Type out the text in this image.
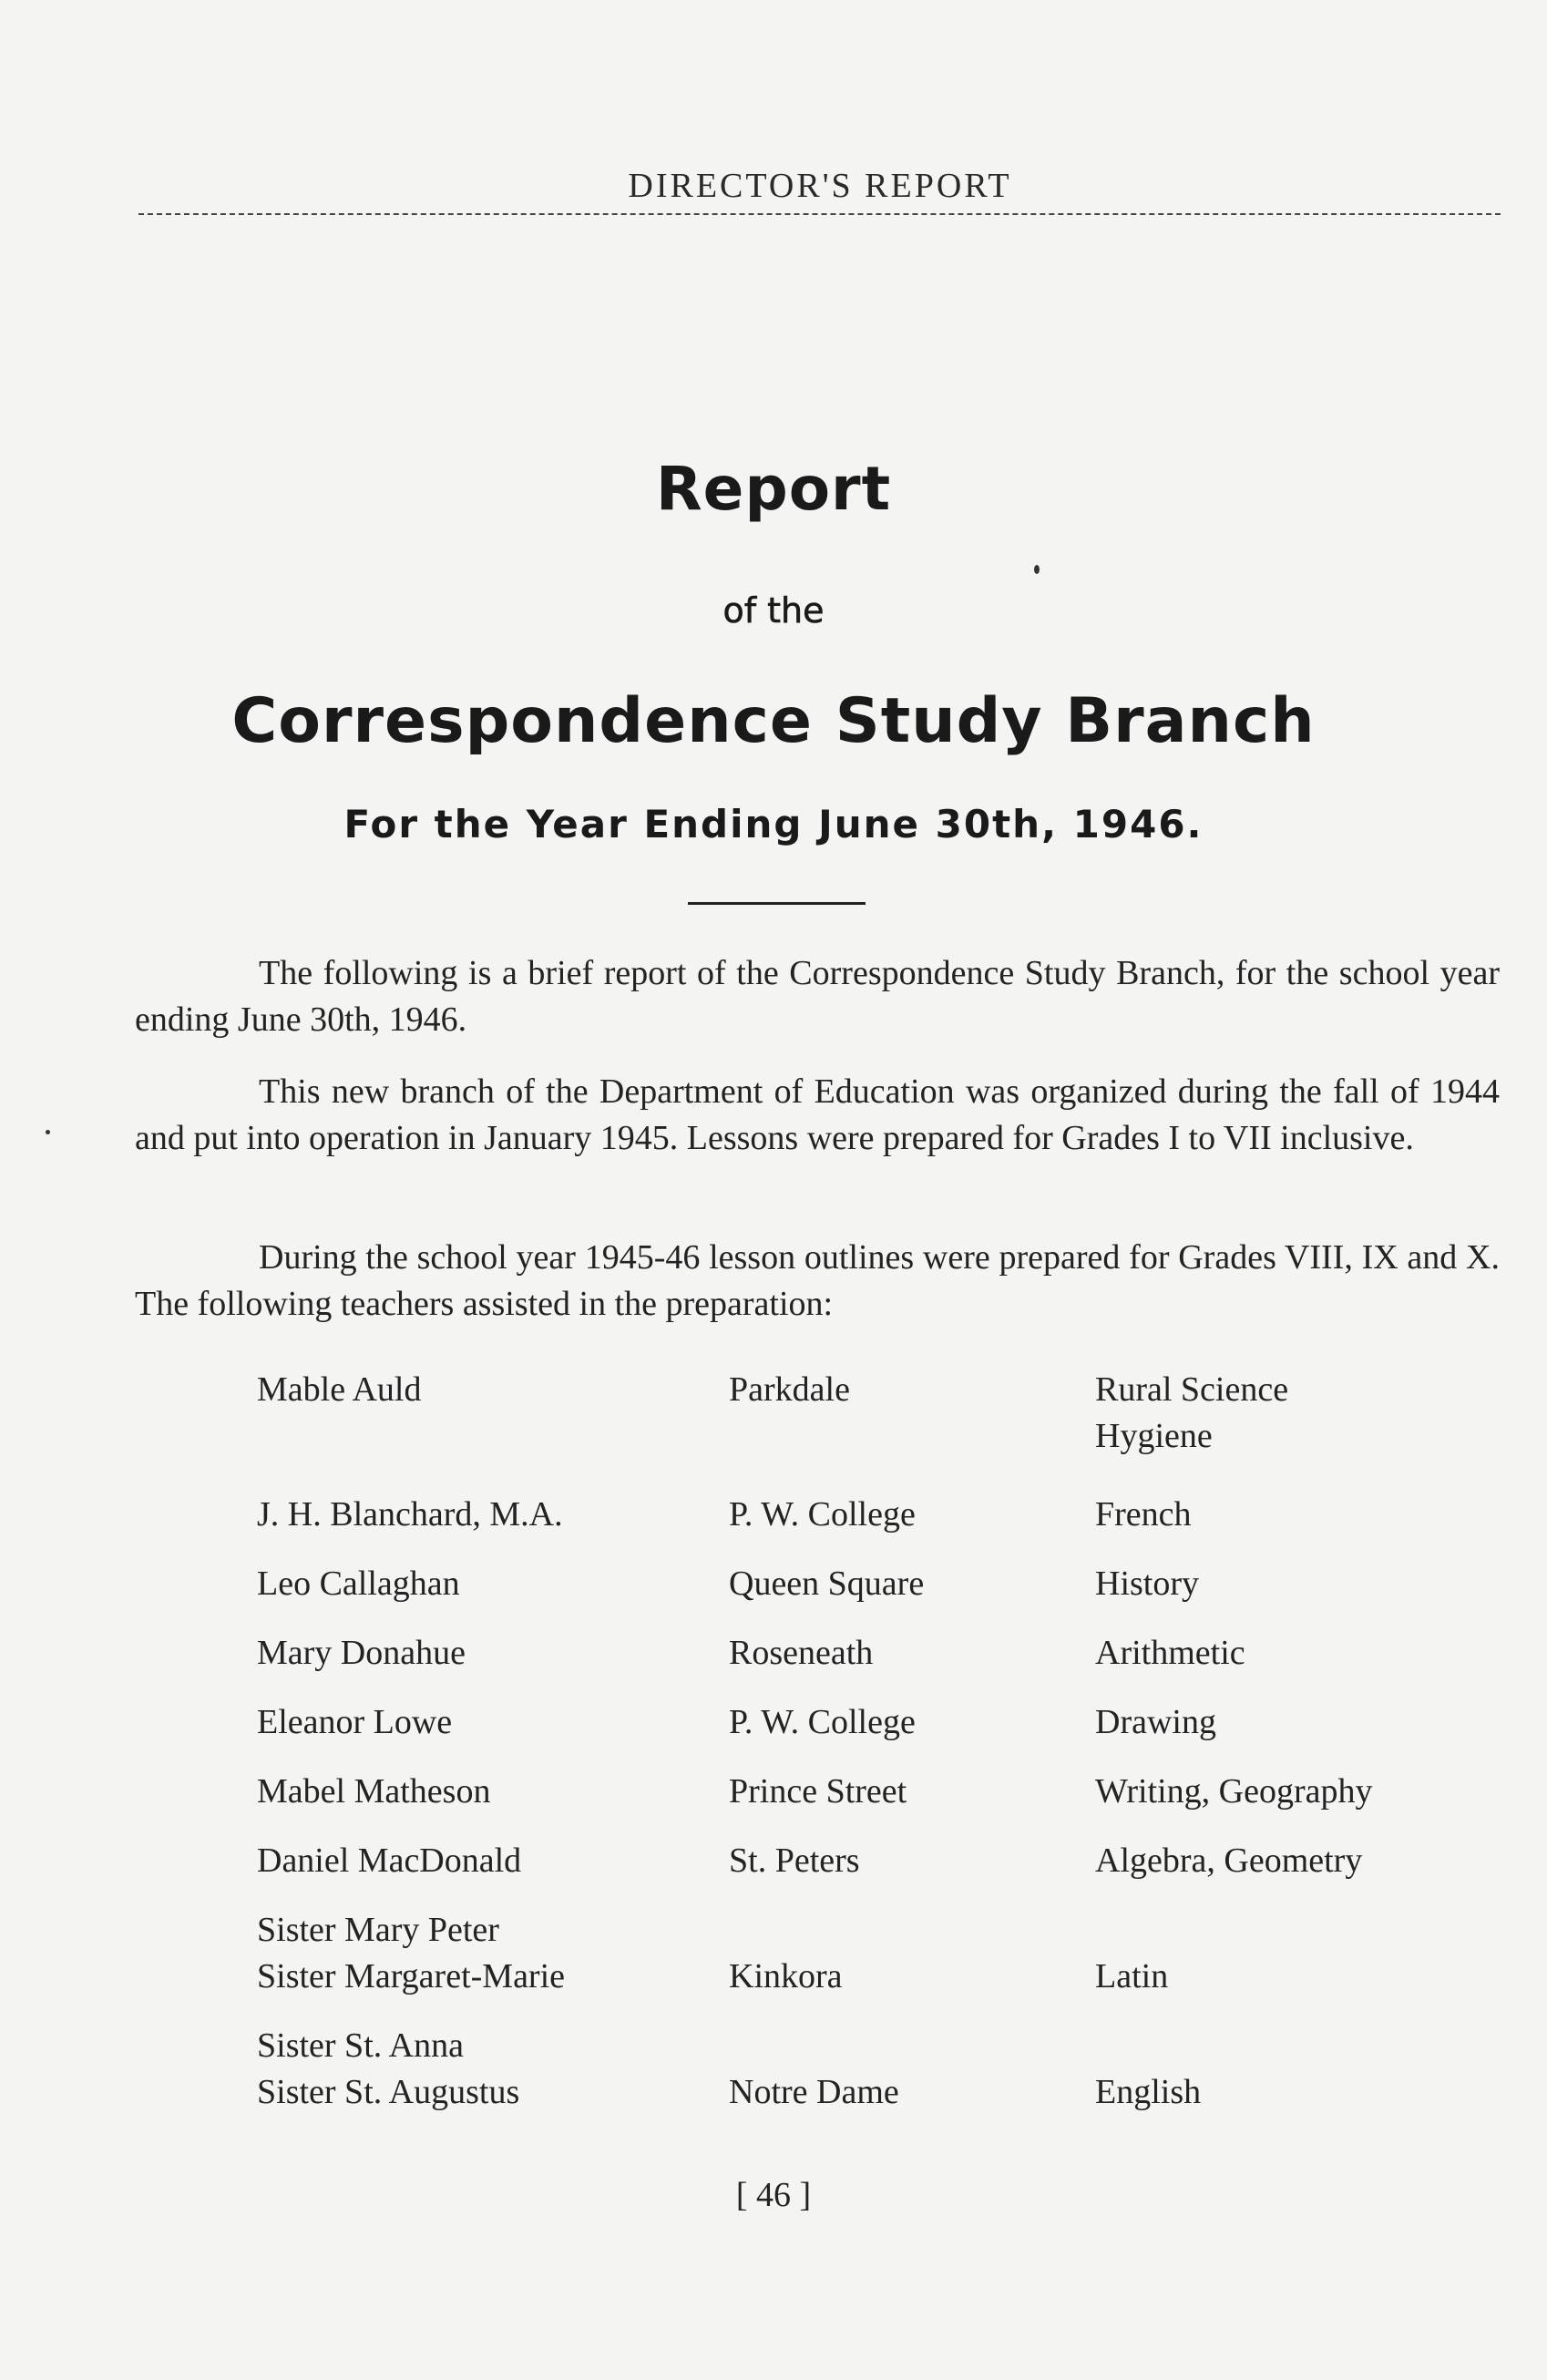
DIRECTOR'S REPORT
Report
of the
Correspondence Study Branch
For the Year Ending June 30th, 1946.

The following is a brief report of the Correspondence Study Branch, for the school year ending June 30th, 1946.

This new branch of the Department of Education was organized during the fall of 1944 and put into operation in January 1945. Lessons were prepared for Grades I to VII inclusive.

During the school year 1945-46 lesson outlines were prepared for Grades VIII, IX and X. The following teachers assisted in the preparation:

Mable Auld	Parkdale	Rural Science
Hygiene
J. H. Blanchard, M.A.	P. W. College	French
Leo Callaghan	Queen Square	History
Mary Donahue	Roseneath	Arithmetic
Eleanor Lowe	P. W. College	Drawing
Mabel Matheson	Prince Street	Writing, Geography
Daniel MacDonald	St. Peters	Algebra, Geometry
Sister Mary Peter
Sister Margaret-Marie	Kinkora	Latin
Sister St. Anna
Sister St. Augustus	Notre Dame	English
[ 46 ]
